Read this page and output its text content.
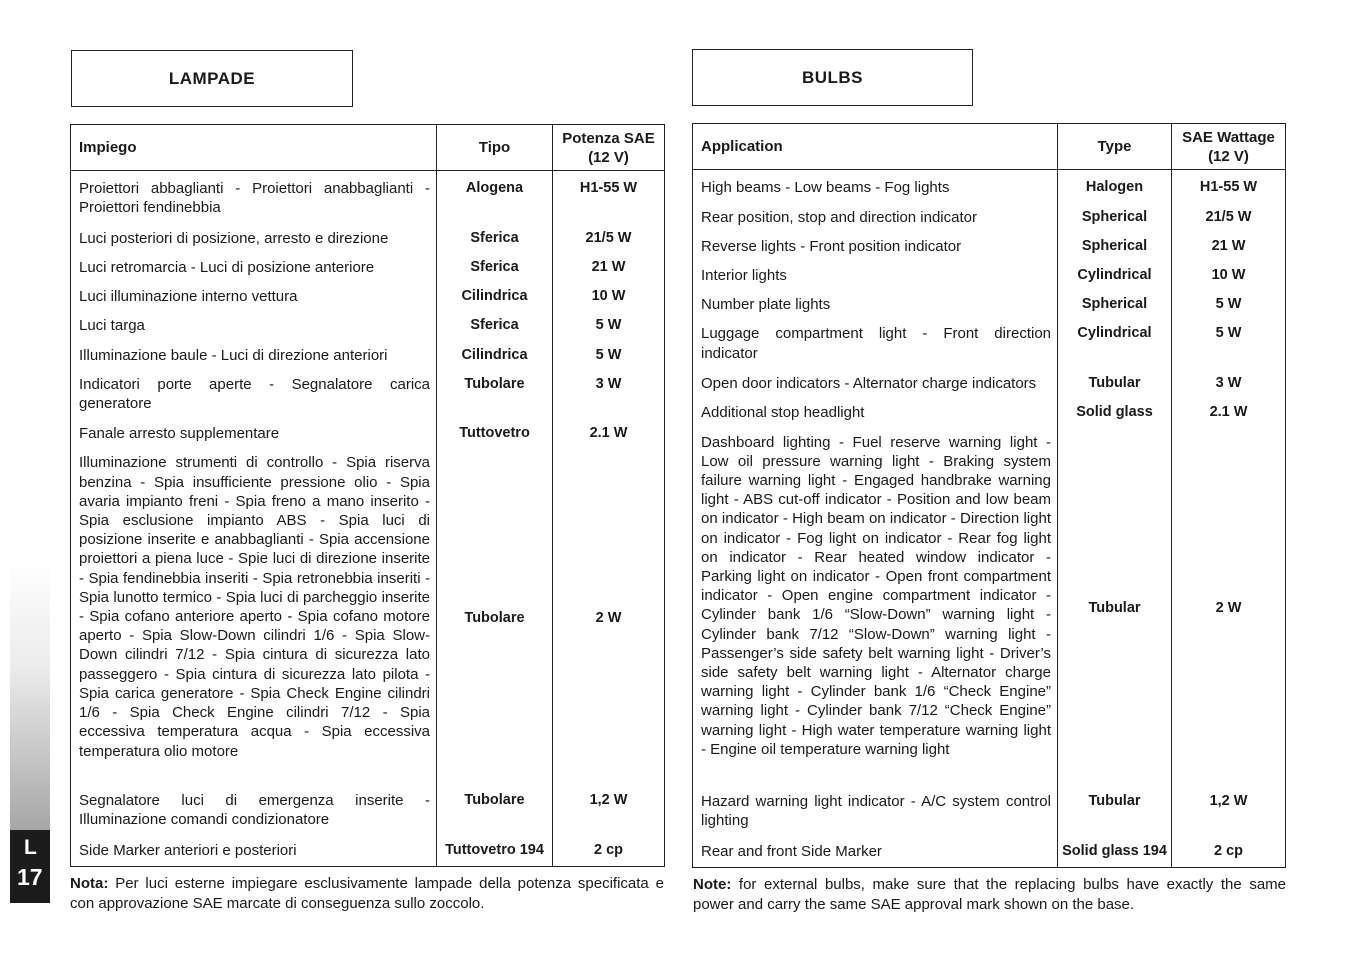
LAMPADE	BULBS
Impiego	Tipo	Potenza SAE
(12 V)
Proiettori abbaglianti - Proiettori anabbaglianti - Proiettori fendinebbia	Alogena	H1-55 W
Luci posteriori di posizione, arresto e direzione	Sferica	21/5 W
Luci retromarcia - Luci di posizione anteriore	Sferica	21 W
Luci illuminazione interno vettura	Cilindrica	10 W
Luci targa	Sferica	5 W
Illuminazione baule - Luci di direzione anteriori	Cilindrica	5 W
Indicatori porte aperte - Segnalatore carica generatore	Tubolare	3 W
Fanale arresto supplementare	Tuttovetro	2.1 W
Illuminazione strumenti di controllo - Spia riserva benzina - Spia insufficiente pressione olio - Spia avaria impianto freni - Spia freno a mano inserito - Spia esclusione impianto ABS - Spia luci di posizione inserite e anabbaglianti - Spia accensione proiettori a piena luce - Spie luci di direzione inserite - Spia fendinebbia inseriti - Spia retronebbia inseriti - Spia lunotto termico - Spia luci di parcheggio inserite - Spia cofano anteriore aperto - Spia cofano motore aperto - Spia Slow-Down cilindri 1/6 - Spia Slow-Down cilindri 7/12 - Spia cintura di sicurezza lato passeggero - Spia cintura di sicurezza lato pilota - Spia carica generatore - Spia Check Engine cilindri 1/6 - Spia Check Engine cilindri 7/12 - Spia eccessiva temperatura acqua - Spia eccessiva temperatura olio motore	Tubolare	2 W
Segnalatore luci di emergenza inserite - Illuminazione comandi condizionatore	Tubolare	1,2 W
Side Marker anteriori e posteriori	Tuttovetro 194	2 cp
Application	Type	SAE Wattage
(12 V)
High beams - Low beams - Fog lights	Halogen	H1-55 W
Rear position, stop and direction indicator	Spherical	21/5 W
Reverse lights - Front position indicator	Spherical	21 W
Interior lights	Cylindrical	10 W
Number plate lights	Spherical	5 W
Luggage compartment light - Front direction indicator	Cylindrical	5 W
Open door indicators - Alternator charge indicators	Tubular	3 W
Additional stop headlight	Solid glass	2.1 W
Dashboard lighting - Fuel reserve warning light - Low oil pressure warning light - Braking system failure warning light - Engaged handbrake warning light - ABS cut-off indicator - Position and low beam on indicator - High beam on indicator - Direction light on indicator - Fog light on indicator - Rear fog light on indicator - Rear heated window indicator - Parking light on indicator - Open front compartment indicator - Open engine compartment indicator - Cylinder bank 1/6 “Slow-Down” warning light - Cylinder bank 7/12 “Slow-Down” warning light - Passenger’s side safety belt warning light - Driver’s side safety belt warning light - Alternator charge warning light - Cylinder bank 1/6 “Check Engine” warning light - Cylinder bank 7/12 “Check Engine” warning light - High water temperature warning light - Engine oil temperature warning light	Tubular	2 W
Hazard warning light indicator - A/C system control lighting	Tubular	1,2 W
Rear and front Side Marker	Solid glass 194	2 cp
Nota: Per luci esterne impiegare esclusivamente lampade della potenza specificata e con approvazione SAE marcate di conseguenza sullo zoccolo.
Note: for external bulbs, make sure that the replacing bulbs have exactly the same power and carry the same SAE approval mark shown on the base.
L
17
